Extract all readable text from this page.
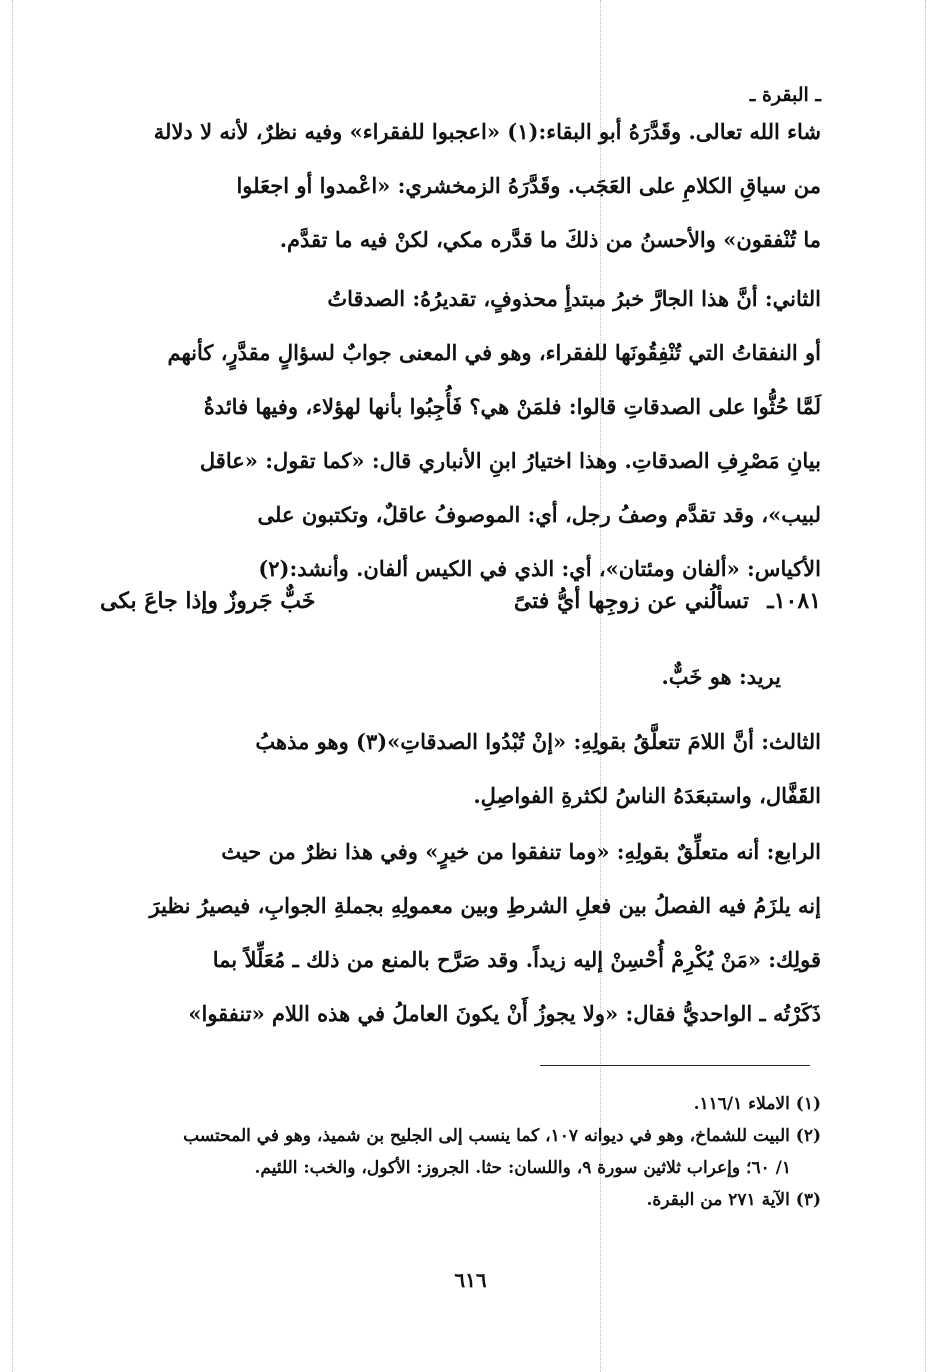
ـ البقرة ـ
شاء الله تعالى. وقَدَّرَهُ أبو البقاء:(١) «اعجبوا للفقراء» وفيه نظرٌ، لأنه لا دلالة
من سياقِ الكلامِ على العَجَب. وقَدَّرَهُ الزمخشري: «اعْمدوا أو اجعَلوا
ما تُنْفقون» والأحسنُ من ذلكَ ما قدَّره مكي، لكنْ فيه ما تقدَّم.
الثاني: أنَّ هذا الجارَّ خبرُ مبتدأٍ محذوفٍ، تقديرُهُ: الصدقاتُ
أو النفقاتُ التي تُنْفِقُونَها للفقراء، وهو في المعنى جوابٌ لسؤالٍ مقدَّرٍ، كأنهم
لَمَّا حُثُّوا على الصدقاتِ قالوا: فلمَنْ هي؟ فَأُجِبُوا بأنها لهؤلاء، وفيها فائدةُ
بيانِ مَصْرِفِ الصدقاتِ. وهذا اختيارُ ابنِ الأنباري قال: «كما تقول: «عاقل
لبيب»، وقد تقدَّم وصفُ رجل، أي: الموصوفُ عاقلٌ، وتكتبون على
الأكياس: «ألفان ومئتان»، أي: الذي في الكيس ألفان. وأنشد:(٢)
١٠٨١ـ
تسألُني عن زوجِها أيُّ فتىً
خَبٌّ جَروزٌ وإذا جاعَ بكى
يريد: هو خَبٌّ.
الثالث: أنَّ اللامَ تتعلَّقُ بقولِهِ: «إنْ تُبْدُوا الصدقاتِ»(٣) وهو مذهبُ
القَفَّال، واستبعَدَهُ الناسُ لكثرةِ الفواصِلِ.
الرابع: أنه متعلِّقٌ بقولِهِ: «وما تنفقوا من خيرٍ» وفي هذا نظرٌ من حيث
إنه يلزَمُ فيه الفصلُ بين فعلِ الشرطِ وبين معمولِهِ بجملةِ الجوابِ، فيصيرُ نظيرَ
قولِك: «مَنْ يُكْرِمْ أُحْسِنْ إليه زيداً. وقد صَرَّح بالمنع من ذلك ـ مُعَلِّلاً بما
ذَكَرْتُه ـ الواحديُّ فقال: «ولا يجوزُ أَنْ يكونَ العاملُ في هذه اللام «تنفقوا»
(١) الاملاء ١١٦/١.
(٢) البيت للشماخ، وهو في ديوانه ١٠٧، كما ينسب إلى الجليح بن شميذ، وهو في المحتسب
١/ ٦٠؛ وإعراب ثلاثين سورة ٩، واللسان: حثا. الجروز: الأكول، والخب: اللئيم.
(٣) الآية ٢٧١ من البقرة.
٦١٦
